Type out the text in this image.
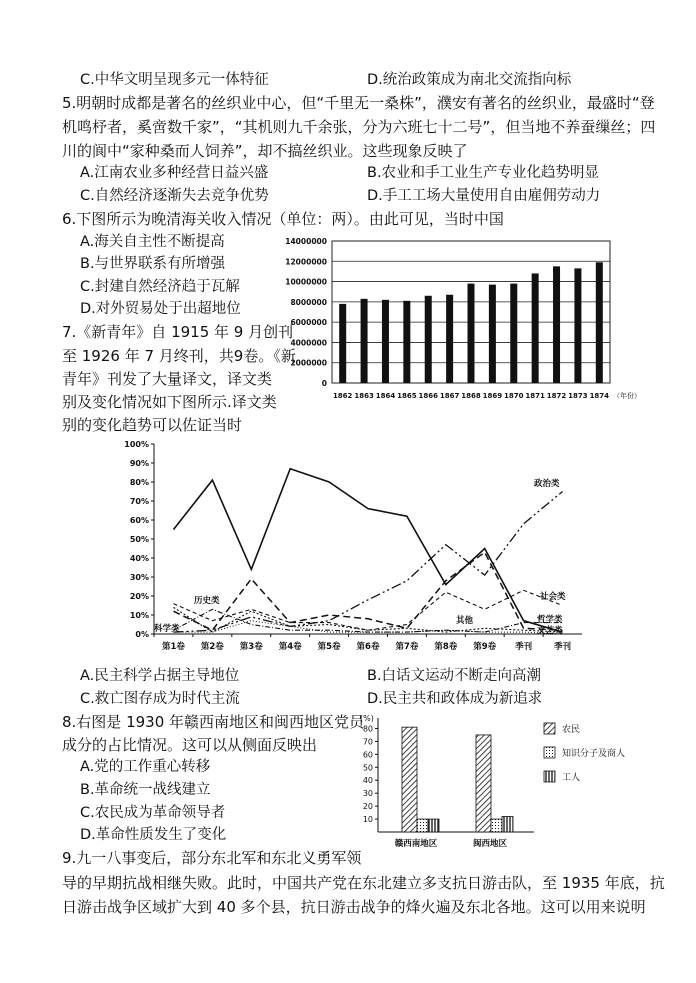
C.中华文明呈现多元一体特征	D.统治政策成为南北交流指向标
5.明朝时成都是著名的丝织业中心，但“千里无一桑株”，濮安有著名的丝织业，最盛时“登
机鸣杼者，奚啻数千家”，“其机则九千余张，分为六班七十二号”，但当地不养蚕缫丝；四
川的阆中“家种桑而人饲养”，却不搞丝织业。这些现象反映了
A.江南农业多种经营日益兴盛	B.农业和手工业生产专业化趋势明显
C.自然经济逐渐失去竞争优势	D.手工工场大量使用自由雇佣劳动力
6.下图所示为晚清海关收入情况（单位：两）。由此可见，当时中国
A.海关自主性不断提高
B.与世界联系有所增强
C.封建自然经济趋于瓦解
D.对外贸易处于出超地位
0
2000000
4000000
6000000
8000000
10000000
12000000
14000000
1862 1863 1864 1865 1866 1867 1868 1869 1870 1871 1872 1873 1874 （年份）
7.《新青年》自 1915 年 9 月创刊
至 1926 年 7 月终刊，共9卷。《新
青年》刊发了大量译文，译文类
别及变化情况如下图所示.译文类
别的变化趋势可以佐证当时
0%
10%
20%
30%
40%
50%
60%
70%
80%
90%
100%
第1卷 第2卷 第3卷 第4卷 第5卷 第6卷 第7卷 第8卷 第9卷 季刊	季刊
政治类
社会类
历史类
其他	哲学类
科学类	文艺类
A.民主科学占据主导地位	B.白话文运动不断走向高潮
C.救亡图存成为时代主流	D.民主共和政体成为新追求
8.右图是 1930 年赣西南地区和闽西地区党员
成分的占比情况。这可以从侧面反映出
A.党的工作重心转移
B.革命统一战线建立
C.农民成为革命领导者
D.革命性质发生了变化
(%)
10
20
30
40
50
60
70
80
赣西南地区	闽西地区
农民
知识分子及商人
工人
9.九一八事变后，部分东北军和东北义勇军领
导的早期抗战相继失败。此时，中国共产党在东北建立多支抗日游击队，至 1935 年底，抗
日游击战争区域扩大到 40 多个县，抗日游击战争的烽火遍及东北各地。这可以用来说明
